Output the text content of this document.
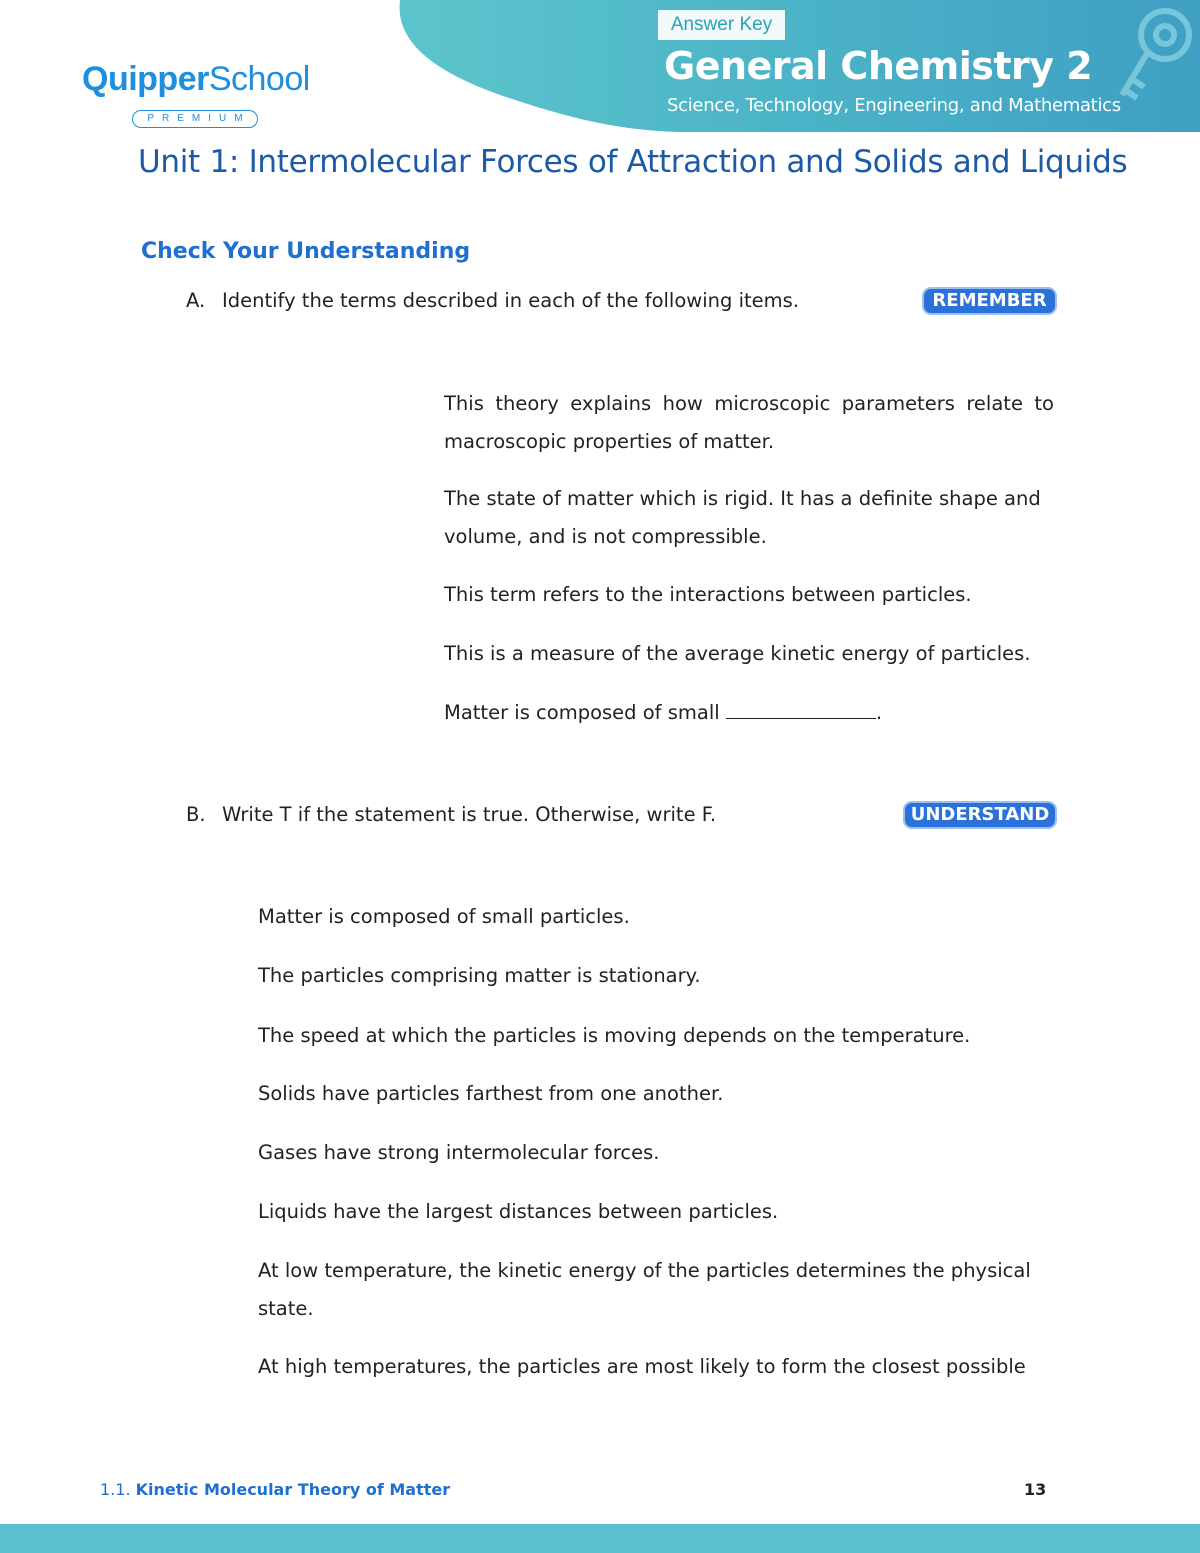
QuipperSchool
PREMIUM
Answer Key
General Chemistry 2
Science, Technology, Engineering, and Mathematics
Unit 1: Intermolecular Forces of Attraction and Solids and Liquids
Check Your Understanding
A. Identify the terms described in each of the following items.	REMEMBER
This theory explains how microscopic parameters relate to macroscopic properties of matter.
The state of matter which is rigid. It has a definite shape and volume, and is not compressible.
This term refers to the interactions between particles.
This is a measure of the average kinetic energy of particles.
Matter is composed of small	.
B. Write T if the statement is true. Otherwise, write F.	UNDERSTAND
Matter is composed of small particles.
The particles comprising matter is stationary.
The speed at which the particles is moving depends on the temperature.
Solids have particles farthest from one another.
Gases have strong intermolecular forces.
Liquids have the largest distances between particles.
At low temperature, the kinetic energy of the particles determines the physical state.
At high temperatures, the particles are most likely to form the closest possible
1.1. Kinetic Molecular Theory of Matter	13
